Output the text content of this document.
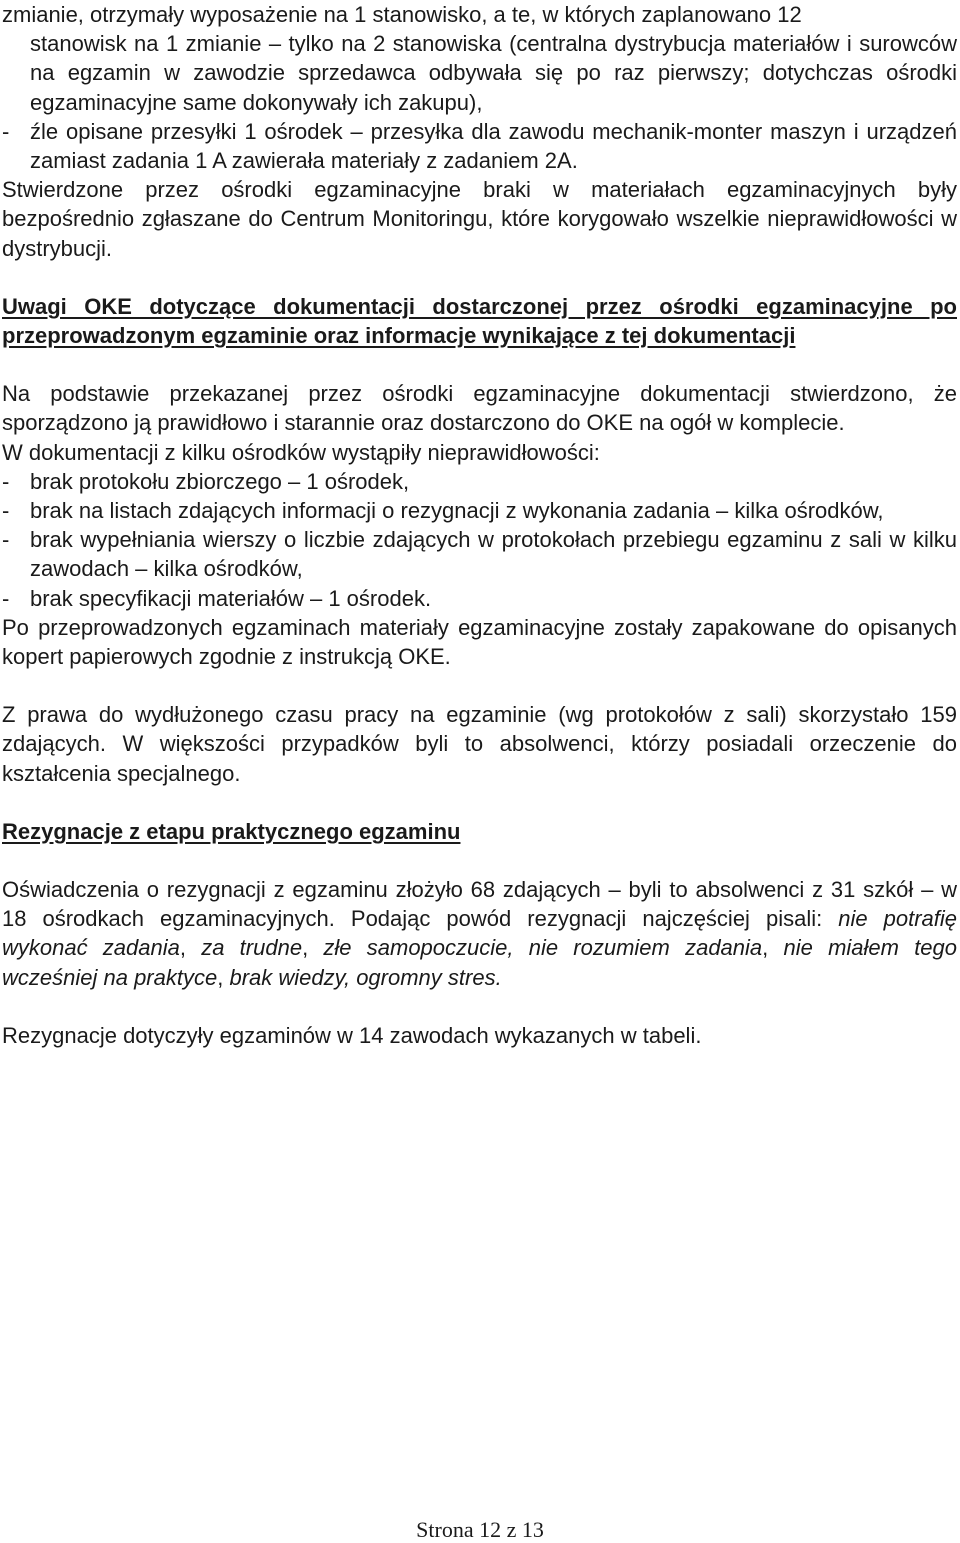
zmianie, otrzymały wyposażenie na 1 stanowisko, a te, w których zaplanowano 12

stanowisk na 1 zmianie – tylko na 2 stanowiska (centralna dystrybucja materiałów i surowców na egzamin w zawodzie sprzedawca odbywała się po raz pierwszy; dotychczas ośrodki egzaminacyjne same dokonywały ich zakupu),

- źle opisane przesyłki 1 ośrodek – przesyłka dla zawodu mechanik-monter maszyn i urządzeń zamiast zadania 1 A zawierała materiały z zadaniem 2A.

Stwierdzone przez ośrodki egzaminacyjne braki w materiałach egzaminacyjnych były bezpośrednio zgłaszane do Centrum Monitoringu, które korygowało wszelkie nieprawidłowości w dystrybucji.

Uwagi OKE dotyczące dokumentacji dostarczonej przez ośrodki egzaminacyjne po przeprowadzonym egzaminie oraz informacje wynikające z tej dokumentacji

Na podstawie przekazanej przez ośrodki egzaminacyjne dokumentacji stwierdzono, że sporządzono ją prawidłowo i starannie oraz dostarczono do OKE na ogół w komplecie.

W dokumentacji z kilku ośrodków wystąpiły nieprawidłowości:

- brak protokołu zbiorczego – 1 ośrodek,
- brak na listach zdających informacji o rezygnacji z wykonania zadania – kilka ośrodków,
- brak wypełniania wierszy o liczbie zdających w protokołach przebiegu egzaminu z sali w kilku zawodach – kilka ośrodków,
- brak specyfikacji materiałów – 1 ośrodek.

Po przeprowadzonych egzaminach materiały egzaminacyjne zostały zapakowane do opisanych kopert papierowych zgodnie z instrukcją OKE.

Z prawa do wydłużonego czasu pracy na egzaminie (wg protokołów z sali) skorzystało 159 zdających. W większości przypadków byli to absolwenci, którzy posiadali orzeczenie do kształcenia specjalnego.

Rezygnacje z etapu praktycznego egzaminu

Oświadczenia o rezygnacji z egzaminu złożyło 68 zdających – byli to absolwenci z 31 szkół – w 18 ośrodkach egzaminacyjnych. Podając powód rezygnacji najczęściej pisali: nie potrafię wykonać zadania, za trudne, złe samopoczucie, nie rozumiem zadania, nie miałem tego wcześniej na praktyce, brak wiedzy, ogromny stres.

Rezygnacje dotyczyły egzaminów w 14 zawodach wykazanych w tabeli.

Strona 12 z 13
